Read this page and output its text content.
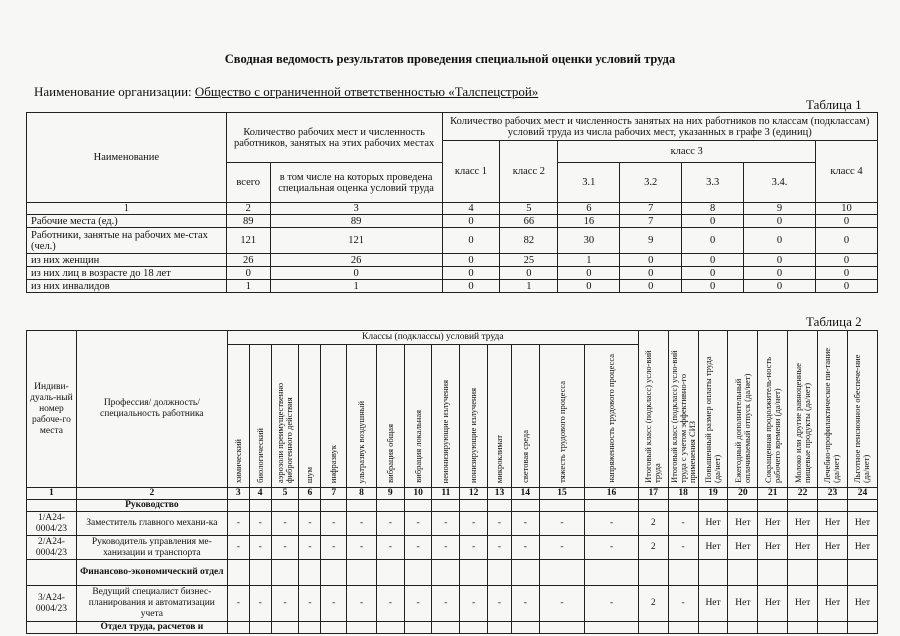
Сводная ведомость результатов проведения специальной оценки условий труда
Наименование организации: Общество с ограниченной ответственностью «Талспецстрой»
Таблица 1
Наименование	Количество рабочих мест и численность работников, занятых на этих рабочих местах		Количество рабочих мест и численность занятых на них работников по классам (подклассам) условий труда из числа рабочих мест, указанных в графе 3 (единиц)						
			класс 1	класс 2	класс 3				класс 4
	всего	в том числе на которых проведена специальная оценка условий труда			3.1	3.2	3.3	3.4.	
1	2	3	4	5	6	7	8	9	10
Рабочие места (ед.)	89	89	0	66	16	7	0	0	0
Работники, занятые на рабочих ме-стах (чел.)	121	121	0	82	30	9	0	0	0
из них женщин	26	26	0	25	1	0	0	0	0
из них лиц в возрасте до 18 лет	0	0	0	0	0	0	0	0	0
из них инвалидов	1	1	0	1	0	0	0	0	0
Таблица 2
Индиви-дуаль-ный номер рабоче-го места	Профессия/ должность/ специальность работника	Классы (подклассы) условий труда														Итоговый класс (подкласс) усло-вий труда	Итоговый класс (подкласс) усло-вий труда с учетом эффективно-го применения СИЗ	Повышенный размер оплаты труда (да/нет)	Ежегодный дополнительный оплачиваемый отпуск (да/нет)	Сокращенная продолжитель-ность рабочего времени (да/нет)	Молоко или другие равноценные пищевые продукты (да/нет)	Лечебно-профилактическое пи-тание (да/нет)	Льготное пенсионное обеспече-ние (да/нет)
		химический	биологический	аэрозоли преимущественно фиброгенного действия	шум	инфразвук	ультразвук воздушный	вибрация общая	вибрация локальная	неионизирующие излучения	ионизирующие излучения	микроклимат	световая среда	тяжесть трудового процесса	напряженность трудового процесса								
1	2	3	4	5	6	7	8	9	10	11	12	13	14	15	16	17	18	19	20	21	22	23	24
	Руководство																						
1/А24-0004/23	Заместитель главного механи-ка	-	-	-	-	-	-	-	-	-	-	-	-	-	-	2	-	Нет	Нет	Нет	Нет	Нет	Нет
2/А24-0004/23	Руководитель управления ме-ханизации и транспорта	-	-	-	-	-	-	-	-	-	-	-	-	-	-	2	-	Нет	Нет	Нет	Нет	Нет	Нет
	Финансово-экономический отдел																						
3/А24-0004/23	Ведущий специалист бизнес-планирования и автоматизации учета	-	-	-	-	-	-	-	-	-	-	-	-	-	-	2	-	Нет	Нет	Нет	Нет	Нет	Нет
	Отдел труда, расчетов и																						
